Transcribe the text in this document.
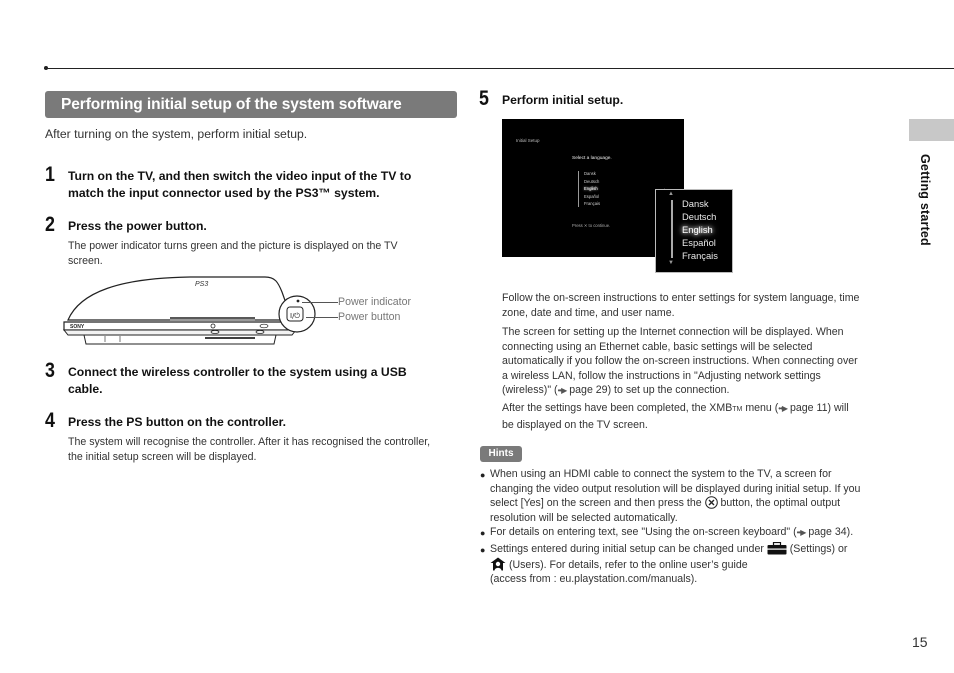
Performing initial setup of the system software
After turning on the system, perform initial setup.
1 Turn on the TV, and then switch the video input of the TV to
match the input connector used by the PS3™ system.
2 Press the power button.
The power indicator turns green and the picture is displayed on the TV
screen.
PS3
SONY
I/⏻
Power indicator
Power button
3 Connect the wireless controller to the system using a USB
cable.
4 Press the PS button on the controller.
The system will recognise the controller. After it has recognised the controller,
the initial setup screen will be displayed.
5 Perform initial setup.
Initial Setup
Select a language.
Dansk
Deutsch
English
Español
Français
Press ✕ to continue.
▲
Dansk
Deutsch
English
Español
Français
▼
Follow the on-screen instructions to enter settings for system language, time
zone, date and time, and user name.
The screen for setting up the Internet connection will be displayed. When
connecting using an Ethernet cable, basic settings will be selected
automatically if you follow the on-screen instructions. When connecting over
a wireless LAN, follow the instructions in "Adjusting network settings
(wireless)" (••▶ page 29) to set up the connection.
After the settings have been completed, the XMBTM menu (••▶ page 11) will
be displayed on the TV screen.
Hints
● When using an HDMI cable to connect the system to the TV, a screen for
changing the video output resolution will be displayed during initial setup. If you
select [Yes] on the screen and then press the  button, the optimal output
resolution will be selected automatically.
● For details on entering text, see "Using the on-screen keyboard" (••▶ page 34).
● Settings entered during initial setup can be changed under  (Settings) or
(Users). For details, refer to the online user’s guide
(access from : eu.playstation.com/manuals).
Getting started
15
